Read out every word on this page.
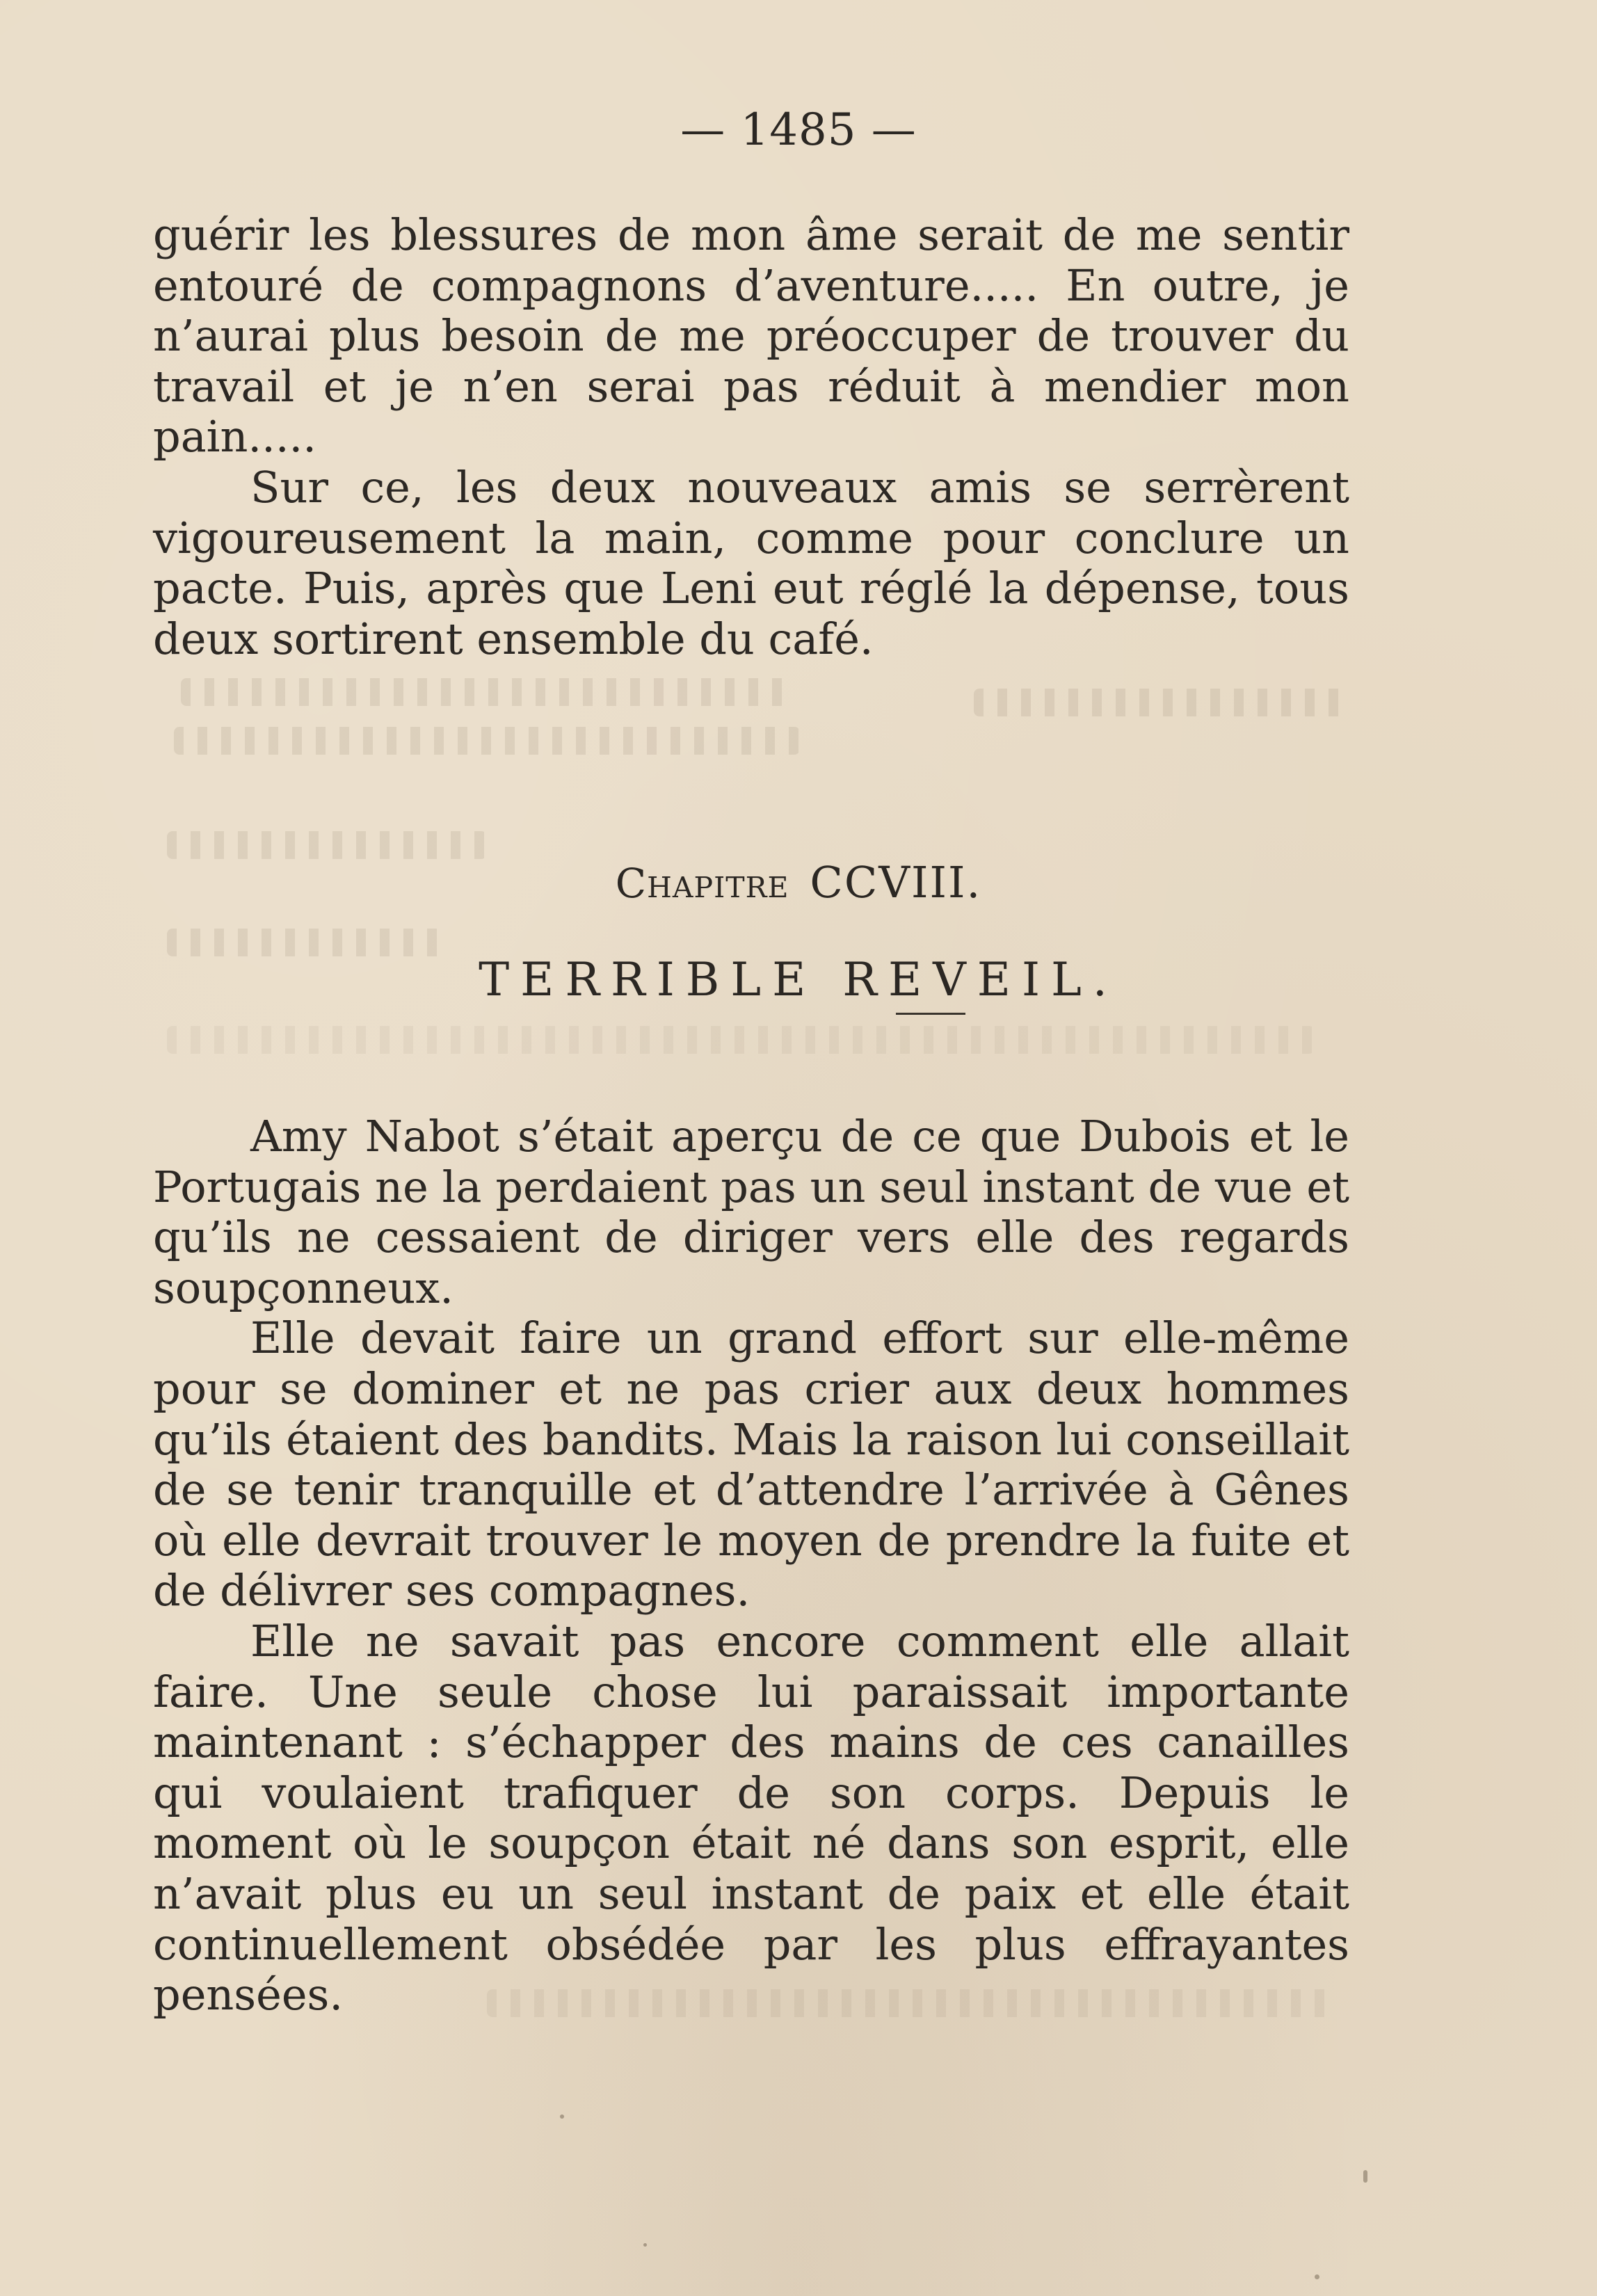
— 1485 —

guérir les blessures de mon âme serait de me sentir entouré de compagnons d’aventure..... En outre, je n’aurai plus besoin de me préoccuper de trouver du travail et je n’en serai pas réduit à mendier mon pain.....

Sur ce, les deux nouveaux amis se serrèrent vigoureusement la main, comme pour conclure un pacte. Puis, après que Leni eut réglé la dépense, tous deux sortirent ensemble du café.

Chapitre CCVIII.
TERRIBLE REVEIL.

Amy Nabot s’était aperçu de ce que Dubois et le Portugais ne la perdaient pas un seul instant de vue et qu’ils ne cessaient de diriger vers elle des regards soupçonneux.

Elle devait faire un grand effort sur elle-même pour se dominer et ne pas crier aux deux hommes qu’ils étaient des bandits. Mais la raison lui conseillait de se tenir tranquille et d’attendre l’arrivée à Gênes où elle devrait trouver le moyen de prendre la fuite et de délivrer ses compagnes.

Elle ne savait pas encore comment elle allait faire. Une seule chose lui paraissait importante maintenant : s’échapper des mains de ces canailles qui voulaient trafiquer de son corps. Depuis le moment où le soupçon était né dans son esprit, elle n’avait plus eu un seul instant de paix et elle était continuellement obsédée par les plus effrayantes pensées.
